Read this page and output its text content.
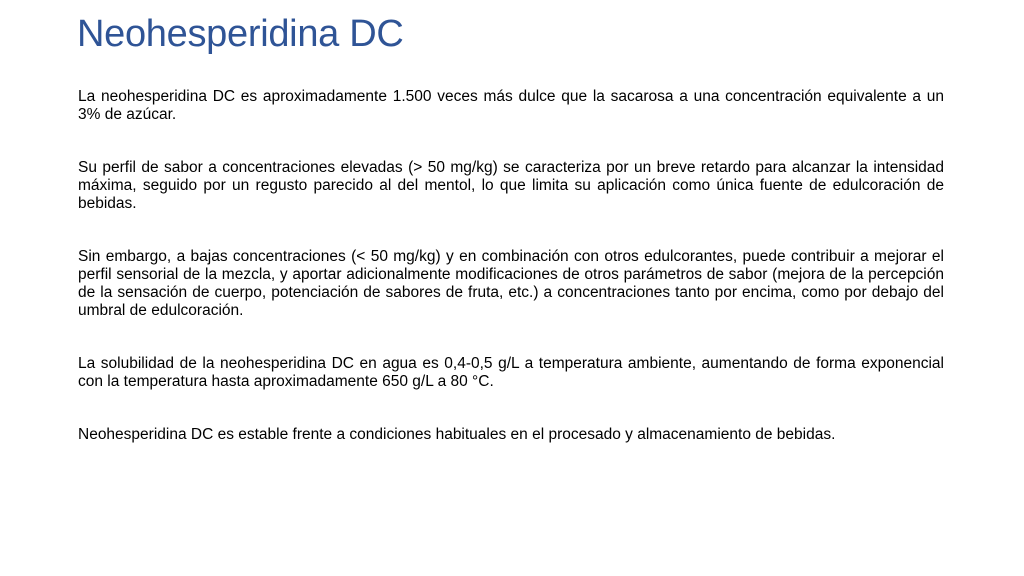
Neohesperidina DC

La neohesperidina DC es aproximadamente 1.500 veces más dulce que la sacarosa a una concentración equivalente a un 3% de azúcar.

Su perfil de sabor a concentraciones elevadas (> 50 mg/kg) se caracteriza por un breve retardo para alcanzar la intensidad máxima, seguido por un regusto parecido al del mentol, lo que limita su aplicación como única fuente de edulcoración de bebidas.

Sin embargo, a bajas concentraciones (< 50 mg/kg) y en combinación con otros edulcorantes, puede contribuir a mejorar el perfil sensorial de la mezcla, y aportar adicionalmente modificaciones de otros parámetros de sabor (mejora de la percepción de la sensación de cuerpo, potenciación de sabores de fruta, etc.) a concentraciones tanto por encima, como por debajo del umbral de edulcoración.

La solubilidad de la neohesperidina DC en agua es 0,4-0,5 g/L a temperatura ambiente, aumentando de forma exponencial con la temperatura hasta aproximadamente 650 g/L a 80 °C.

Neohesperidina DC es estable frente a condiciones habituales en el procesado y almacenamiento de bebidas.
